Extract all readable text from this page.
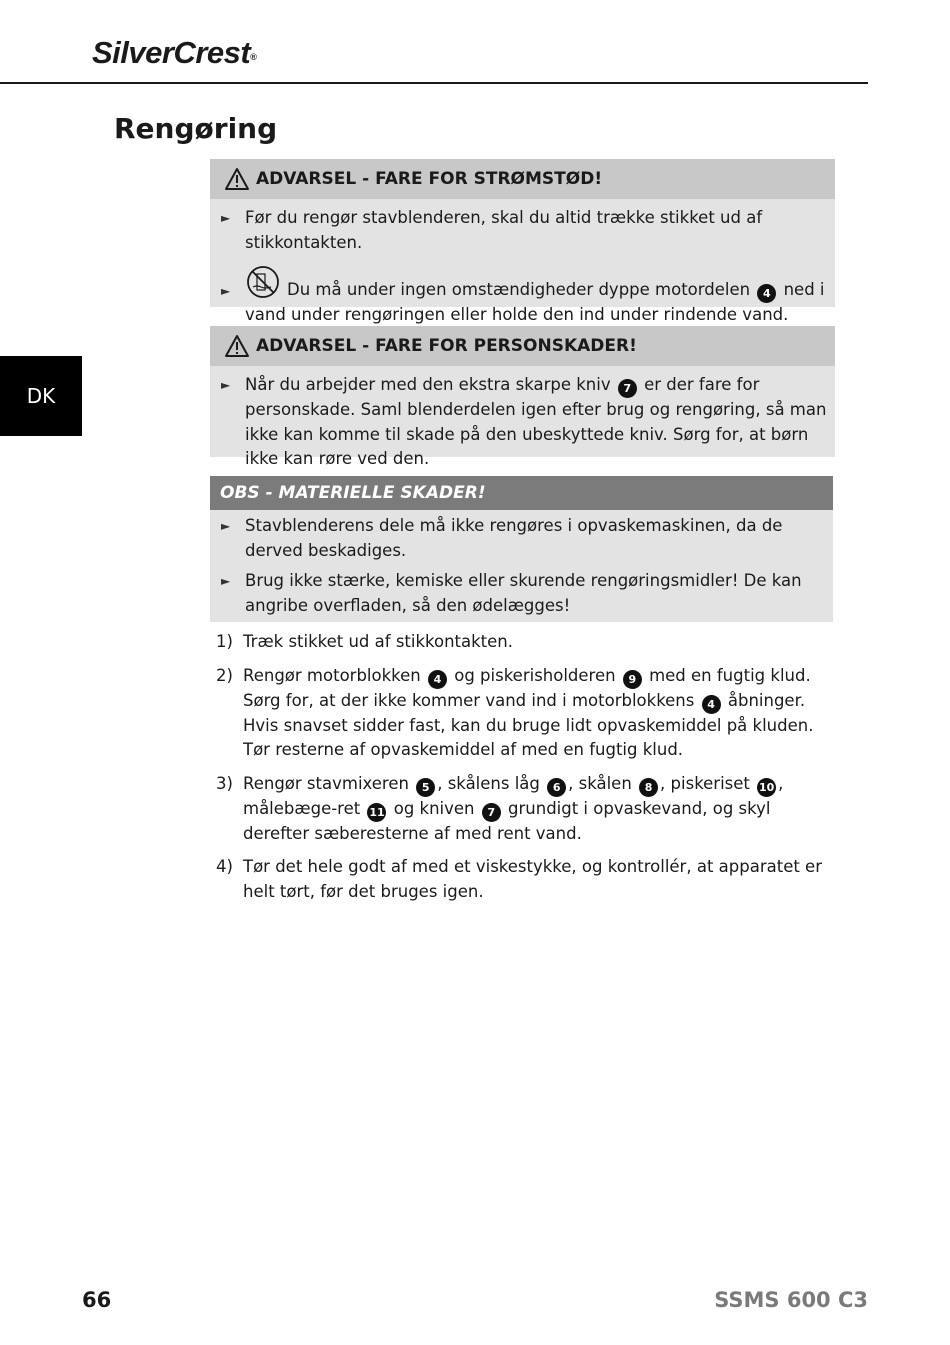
SilverCrest®
Rengøring
DK
ADVARSEL - FARE FOR STRØMSTØD!
► Før du rengør stavblenderen, skal du altid trække stikket ud af stikkontakten.
►	Du må under ingen omstændigheder dyppe motordelen 4 ned i vand under rengøringen eller holde den ind under rindende vand.
ADVARSEL - FARE FOR PERSONSKADER!
► Når du arbejder med den ekstra skarpe kniv 7 er der fare for personskade. Saml blenderdelen igen efter brug og rengøring, så man ikke kan komme til skade på den ubeskyttede kniv. Sørg for, at børn ikke kan røre ved den.
OBS - MATERIELLE SKADER!
► Stavblenderens dele må ikke rengøres i opvaskemaskinen, da de derved beskadiges.
► Brug ikke stærke, kemiske eller skurende rengøringsmidler! De kan angribe overfladen, så den ødelægges!
1) Træk stikket ud af stikkontakten.
2) Rengør motorblokken 4 og piskerisholderen 9 med en fugtig klud.
Sørg for, at der ikke kommer vand ind i motorblokkens 4 åbninger. Hvis snavset sidder fast, kan du bruge lidt opvaskemiddel på kluden. Tør resterne af opvaskemiddel af med en fugtig klud.
3) Rengør stavmixeren 5 , skålens låg 6 , skålen 8 , piskeriset 10 , målebæge-ret 11 og kniven 7 grundigt i opvaskevand, og skyl derefter sæberesterne af med rent vand.
4) Tør det hele godt af med et viskestykke, og kontrollér, at apparatet er helt tørt, før det bruges igen.
66	SSMS 600 C3
